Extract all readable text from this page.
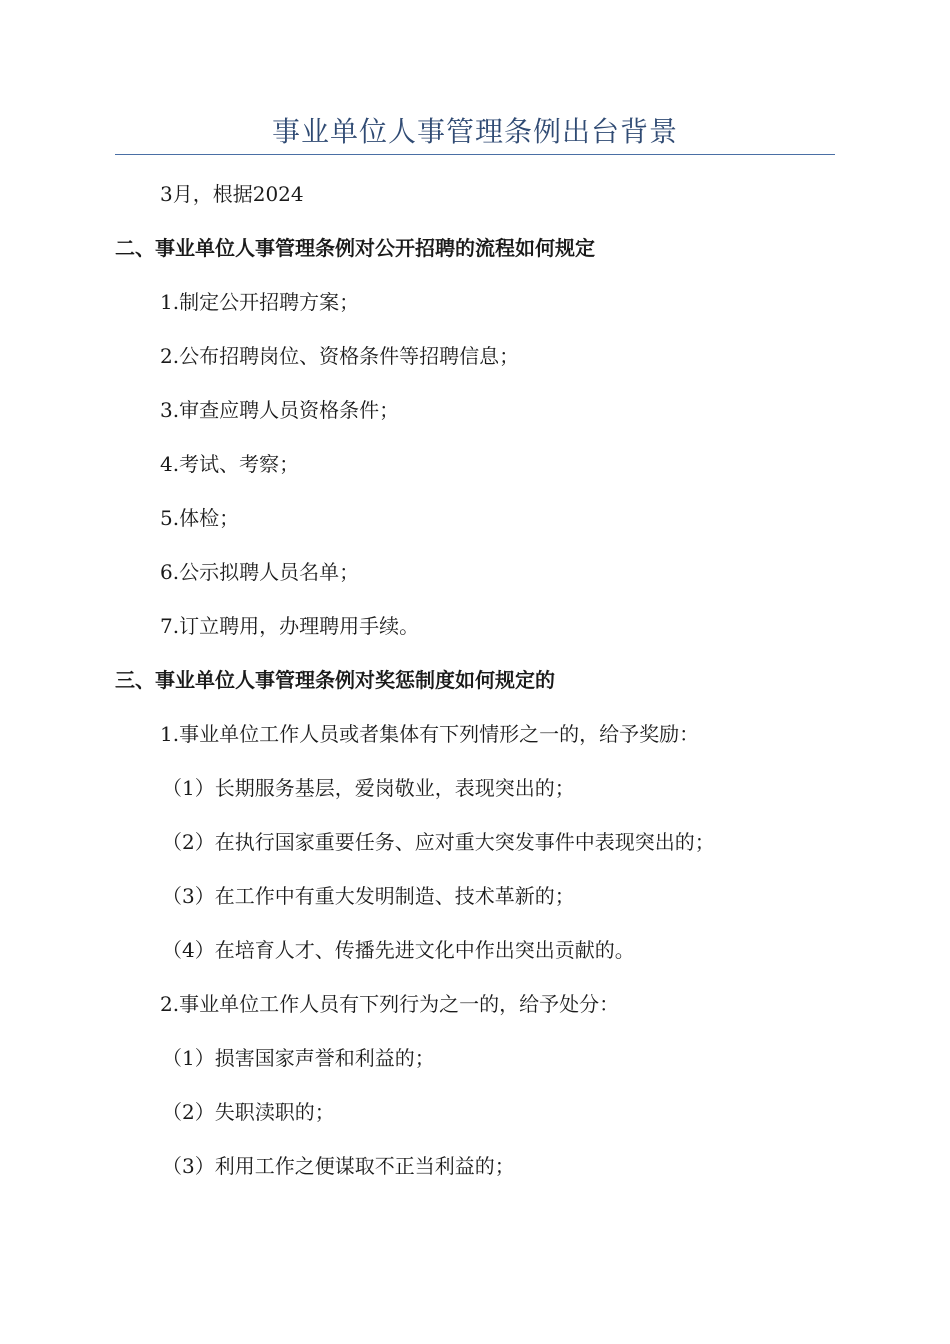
事业单位人事管理条例出台背景
3月，根据2024
二、事业单位人事管理条例对公开招聘的流程如何规定
1.制定公开招聘方案；
2.公布招聘岗位、资格条件等招聘信息；
3.审查应聘人员资格条件；
4.考试、考察；
5.体检；
6.公示拟聘人员名单；
7.订立聘用，办理聘用手续。
三、事业单位人事管理条例对奖惩制度如何规定的
1.事业单位工作人员或者集体有下列情形之一的，给予奖励：
（1）长期服务基层，爱岗敬业，表现突出的；
（2）在执行国家重要任务、应对重大突发事件中表现突出的；
（3）在工作中有重大发明制造、技术革新的；
（4）在培育人才、传播先进文化中作出突出贡献的。
2.事业单位工作人员有下列行为之一的，给予处分：
（1）损害国家声誉和利益的；
（2）失职渎职的；
（3）利用工作之便谋取不正当利益的；
